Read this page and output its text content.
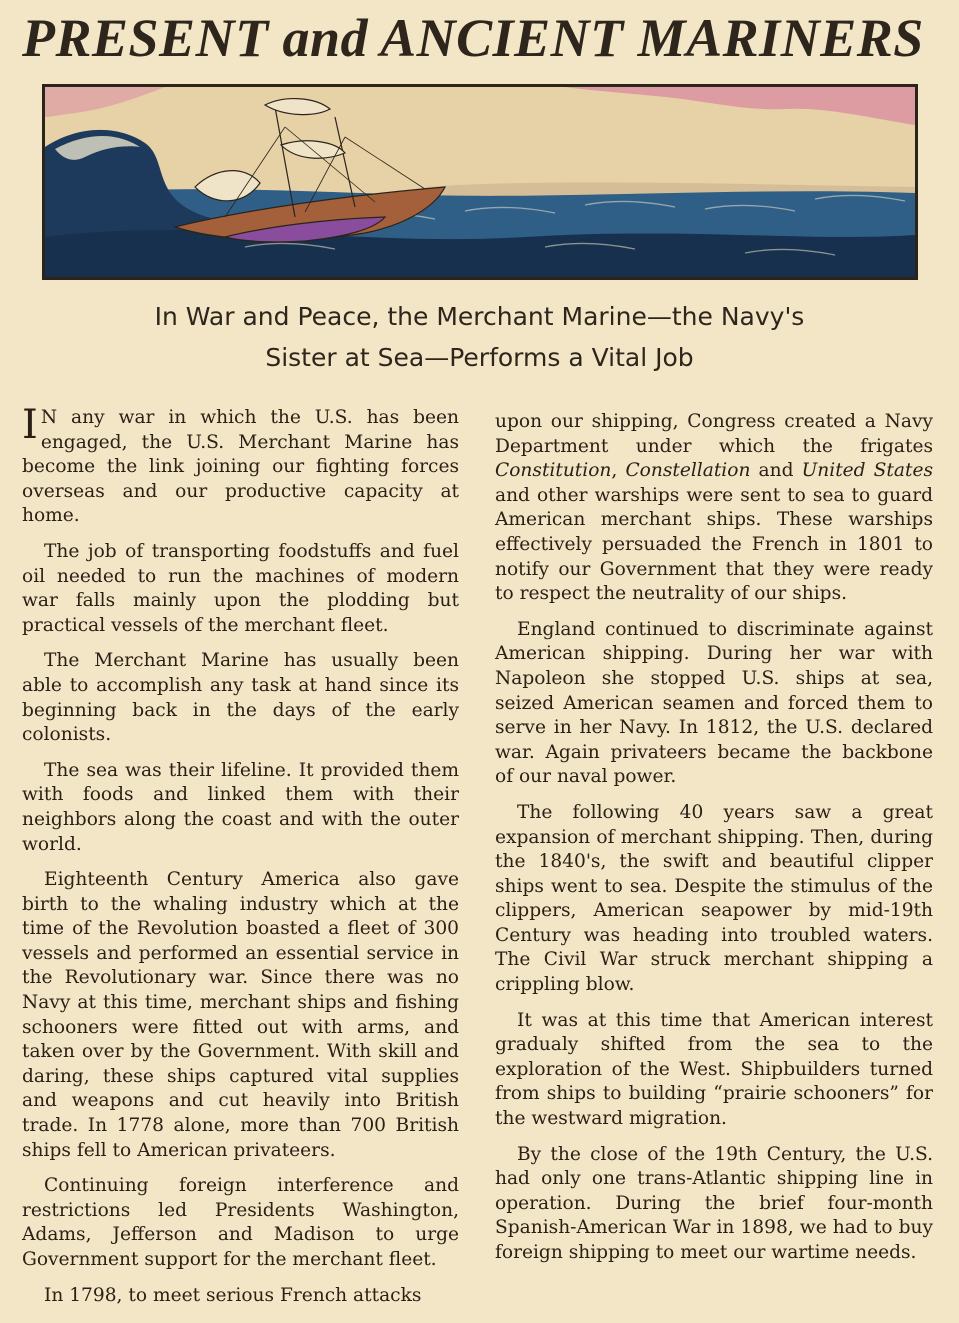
PRESENT and ANCIENT MARINERS
In War and Peace, the Merchant Marine—the Navy's
Sister at Sea—Performs a Vital Job

I N any war in which the U.S. has been engaged, the U.S. Merchant Marine has become the link joining our fighting forces overseas and our productive capacity at home.

The job of transporting foodstuffs and fuel oil needed to run the machines of modern war falls mainly upon the plodding but practical vessels of the merchant fleet.

The Merchant Marine has usually been able to accomplish any task at hand since its beginning back in the days of the early colonists.

The sea was their lifeline. It provided them with foods and linked them with their neighbors along the coast and with the outer world.

Eighteenth Century America also gave birth to the whaling industry which at the time of the Revolution boasted a fleet of 300 vessels and performed an essential service in the Revolutionary war. Since there was no Navy at this time, merchant ships and fishing schooners were fitted out with arms, and taken over by the Government. With skill and daring, these ships captured vital supplies and weapons and cut heavily into British trade. In 1778 alone, more than 700 British ships fell to American privateers.

Continuing foreign interference and restrictions led Presidents Washington, Adams, Jefferson and Madison to urge Government support for the merchant fleet.

In 1798, to meet serious French attacks

upon our shipping, Congress created a Navy Department under which the frigates Constitution, Constellation and United States and other warships were sent to sea to guard American merchant ships. These warships effectively persuaded the French in 1801 to notify our Government that they were ready to respect the neutrality of our ships.

England continued to discriminate against American shipping. During her war with Napoleon she stopped U.S. ships at sea, seized American seamen and forced them to serve in her Navy. In 1812, the U.S. declared war. Again privateers became the backbone of our naval power.

The following 40 years saw a great expansion of merchant shipping. Then, during the 1840's, the swift and beautiful clipper ships went to sea. Despite the stimulus of the clippers, American seapower by mid-19th Century was heading into troubled waters. The Civil War struck merchant shipping a crippling blow.

It was at this time that American interest gradualy shifted from the sea to the exploration of the West. Shipbuilders turned from ships to building “prairie schooners” for the westward migration.

By the close of the 19th Century, the U.S. had only one trans-Atlantic shipping line in operation. During the brief four-month Spanish-American War in 1898, we had to buy foreign shipping to meet our wartime needs.
